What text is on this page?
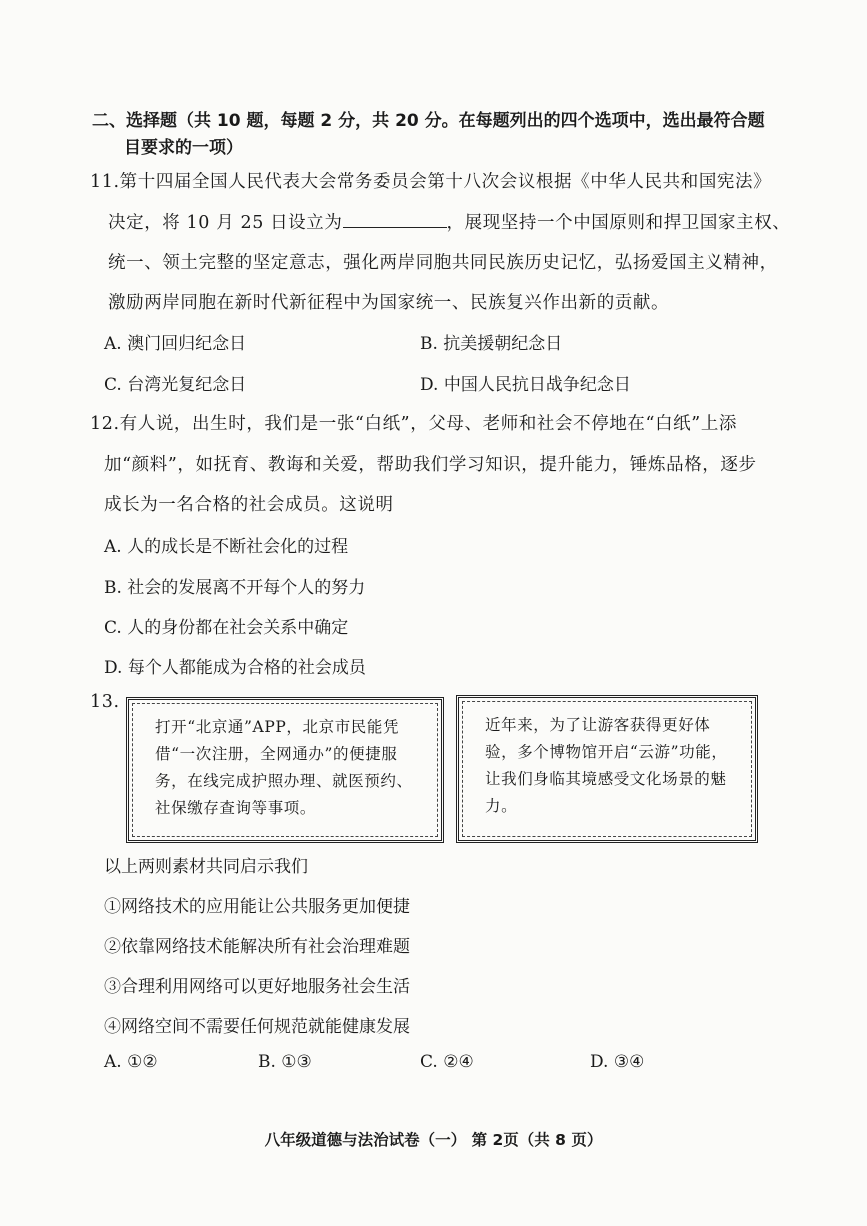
二、选择题（共 10 题，每题 2 分，共 20 分。在每题列出的四个选项中，选出最符合题
目要求的一项）
11.第十四届全国人民代表大会常务委员会第十八次会议根据《中华人民共和国宪法》
决定，将 10 月 25 日设立为	，展现坚持一个中国原则和捍卫国家主权、
统一、领土完整的坚定意志，强化两岸同胞共同民族历史记忆，弘扬爱国主义精神，
激励两岸同胞在新时代新征程中为国家统一、民族复兴作出新的贡献。
A. 澳门回归纪念日	B. 抗美援朝纪念日
C. 台湾光复纪念日	D. 中国人民抗日战争纪念日
12.有人说，出生时，我们是一张“白纸”，父母、老师和社会不停地在“白纸”上添
加“颜料”，如抚育、教诲和关爱，帮助我们学习知识，提升能力，锤炼品格，逐步
成长为一名合格的社会成员。这说明
A. 人的成长是不断社会化的过程
B. 社会的发展离不开每个人的努力
C. 人的身份都在社会关系中确定
D. 每个人都能成为合格的社会成员
13.
打开“北京通”APP，北京市民能凭借“一次注册，全网通办”的便捷服务，在线完成护照办理、就医预约、社保缴存查询等事项。
近年来，为了让游客获得更好体验，多个博物馆开启“云游”功能，让我们身临其境感受文化场景的魅力。
以上两则素材共同启示我们
①网络技术的应用能让公共服务更加便捷
②依靠网络技术能解决所有社会治理难题
③合理利用网络可以更好地服务社会生活
④网络空间不需要任何规范就能健康发展
A. ①②	B. ①③	C. ②④	D. ③④
八年级道德与法治试卷（一） 第 2页（共 8 页）
